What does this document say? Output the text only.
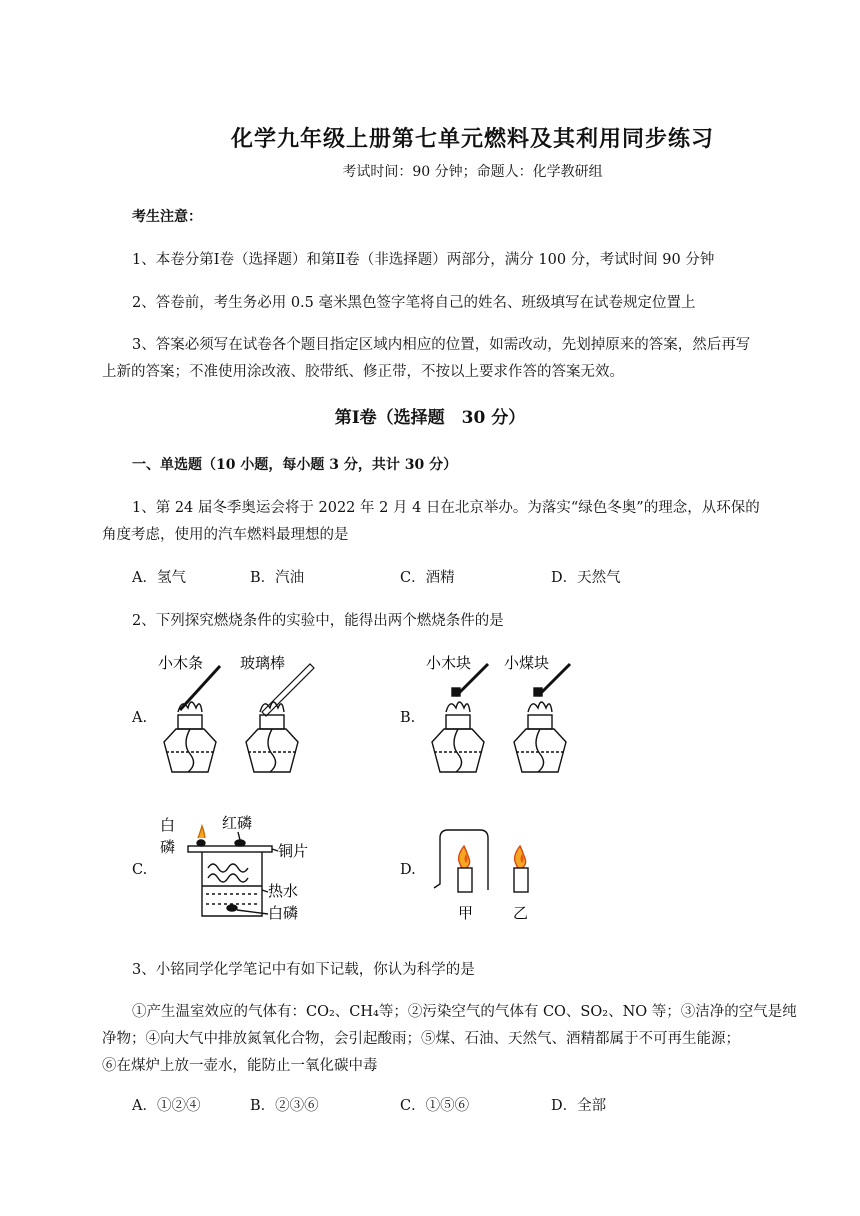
化学九年级上册第七单元燃料及其利用同步练习
考试时间：90 分钟；命题人：化学教研组
考生注意：
1、本卷分第Ⅰ卷（选择题）和第Ⅱ卷（非选择题）两部分，满分 100 分，考试时间 90 分钟
2、答卷前，考生务必用 0.5 毫米黑色签字笔将自己的姓名、班级填写在试卷规定位置上
3、答案必须写在试卷各个题目指定区域内相应的位置，如需改动，先划掉原来的答案，然后再写
上新的答案；不准使用涂改液、胶带纸、修正带，不按以上要求作答的答案无效。
第Ⅰ卷（选择题　30 分）
一、单选题（10 小题，每小题 3 分，共计 30 分）
1、第 24 届冬季奥运会将于 2022 年 2 月 4 日在北京举办。为落实“绿色冬奥”的理念，从环保的
角度考虑，使用的汽车燃料最理想的是
A．氢气	B．汽油	C．酒精	D．天然气
2、下列探究燃烧条件的实验中，能得出两个燃烧条件的是
A.	B.
C.	D.
小木条 玻璃棒	小木块 小煤块
白
磷
红磷
铜片
热水
白磷	甲	乙
3、小铭同学化学笔记中有如下记载，你认为科学的是
①产生温室效应的气体有：CO₂、CH₄等；②污染空气的气体有 CO、SO₂、NO 等；③洁净的空气是纯
净物；④向大气中排放氮氧化合物，会引起酸雨；⑤煤、石油、天然气、酒精都属于不可再生能源；
⑥在煤炉上放一壶水，能防止一氧化碳中毒
A．①②④	B．②③⑥	C．①⑤⑥	D．全部
